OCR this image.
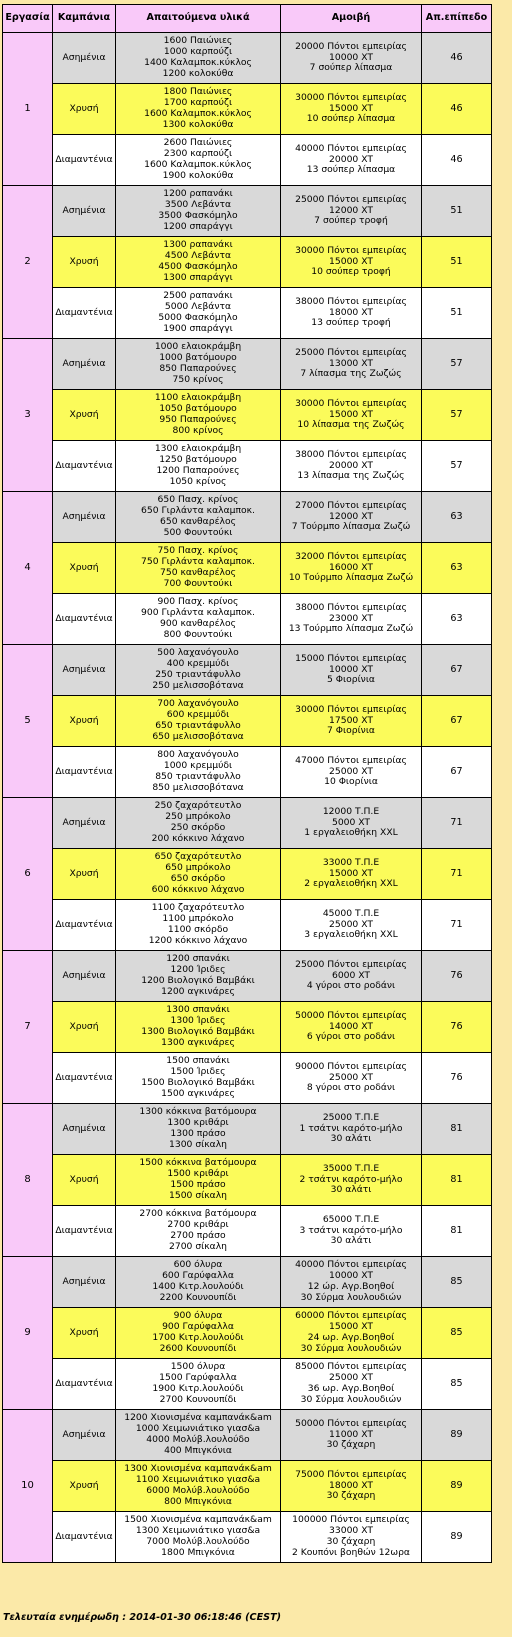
Εργασία	Καμπάνια	Απαιτούμενα υλικά	Αμοιβή	Απ.επίπεδο
1	Ασημένια	1600 Παιώνιες
1000 καρπούζι
1400 Καλαμποκ.κύκλος
1200 κολοκύθα	20000 Πόντοι εμπειρίας
10000 XT
7 σούπερ λίπασμα	46
	Χρυσή	1800 Παιώνιες
1700 καρπούζι
1600 Καλαμποκ.κύκλος
1300 κολοκύθα	30000 Πόντοι εμπειρίας
15000 XT
10 σούπερ λίπασμα	46
	Διαμαντένια	2600 Παιώνιες
2300 καρπούζι
1600 Καλαμποκ.κύκλος
1900 κολοκύθα	40000 Πόντοι εμπειρίας
20000 XT
13 σούπερ λίπασμα	46
2	Ασημένια	1200 ραπανάκι
3500 Λεβάντα
3500 Φασκόμηλο
1200 σπαράγγι	25000 Πόντοι εμπειρίας
12000 XT
7 σούπερ τροφή	51
	Χρυσή	1300 ραπανάκι
4500 Λεβάντα
4500 Φασκόμηλο
1300 σπαράγγι	30000 Πόντοι εμπειρίας
15000 XT
10 σούπερ τροφή	51
	Διαμαντένια	2500 ραπανάκι
5000 Λεβάντα
5000 Φασκόμηλο
1900 σπαράγγι	38000 Πόντοι εμπειρίας
18000 XT
13 σούπερ τροφή	51
3	Ασημένια	1000 ελαιοκράμβη
1000 βατόμουρο
850 Παπαρούνες
750 κρίνος	25000 Πόντοι εμπειρίας
13000 XT
7 λίπασμα της Ζωζώς	57
	Χρυσή	1100 ελαιοκράμβη
1050 βατόμουρο
950 Παπαρούνες
800 κρίνος	30000 Πόντοι εμπειρίας
15000 XT
10 λίπασμα της Ζωζώς	57
	Διαμαντένια	1300 ελαιοκράμβη
1250 βατόμουρο
1200 Παπαρούνες
1050 κρίνος	38000 Πόντοι εμπειρίας
20000 XT
13 λίπασμα της Ζωζώς	57
4	Ασημένια	650 Πασχ. κρίνος
650 Γιρλάντα καλαμποκ.
650 κανθαρέλος
500 Φουντούκι	27000 Πόντοι εμπειρίας
12000 XT
7 Τούρμπο λίπασμα Ζωζώ	63
	Χρυσή	750 Πασχ. κρίνος
750 Γιρλάντα καλαμποκ.
750 κανθαρέλος
700 Φουντούκι	32000 Πόντοι εμπειρίας
16000 XT
10 Τούρμπο λίπασμα Ζωζώ	63
	Διαμαντένια	900 Πασχ. κρίνος
900 Γιρλάντα καλαμποκ.
900 κανθαρέλος
800 Φουντούκι	38000 Πόντοι εμπειρίας
23000 XT
13 Τούρμπο λίπασμα Ζωζώ	63
5	Ασημένια	500 λαχανόγουλο
400 κρεμμύδι
250 τριαντάφυλλο
250 μελισσοβότανα	15000 Πόντοι εμπειρίας
10000 XT
5 Φιορίνια	67
	Χρυσή	700 λαχανόγουλο
600 κρεμμύδι
650 τριαντάφυλλο
650 μελισσοβότανα	30000 Πόντοι εμπειρίας
17500 XT
7 Φιορίνια	67
	Διαμαντένια	800 λαχανόγουλο
1000 κρεμμύδι
850 τριαντάφυλλο
850 μελισσοβότανα	47000 Πόντοι εμπειρίας
25000 XT
10 Φιορίνια	67
6	Ασημένια	250 ζαχαρότευτλο
250 μπρόκολο
250 σκόρδο
200 κόκκινο λάχανο	12000 Τ.Π.Ε
5000 XT
1 εργαλειοθήκη XXL	71
	Χρυσή	650 ζαχαρότευτλο
650 μπρόκολο
650 σκόρδο
600 κόκκινο λάχανο	33000 Τ.Π.Ε
15000 XT
2 εργαλειοθήκη XXL	71
	Διαμαντένια	1100 ζαχαρότευτλο
1100 μπρόκολο
1100 σκόρδο
1200 κόκκινο λάχανο	45000 Τ.Π.Ε
25000 XT
3 εργαλειοθήκη XXL	71
7	Ασημένια	1200 σπανάκι
1200 Ίριδες
1200 Βιολογικό Βαμβάκι
1200 αγκινάρες	25000 Πόντοι εμπειρίας
6000 XT
4 γύροι στο ροδάνι	76
	Χρυσή	1300 σπανάκι
1300 Ίριδες
1300 Βιολογικό Βαμβάκι
1300 αγκινάρες	50000 Πόντοι εμπειρίας
14000 XT
6 γύροι στο ροδάνι	76
	Διαμαντένια	1500 σπανάκι
1500 Ίριδες
1500 Βιολογικό Βαμβάκι
1500 αγκινάρες	90000 Πόντοι εμπειρίας
25000 XT
8 γύροι στο ροδάνι	76
8	Ασημένια	1300 κόκκινα βατόμουρα
1300 κριθάρι
1300 πράσο
1300 σίκαλη	25000 Τ.Π.Ε
1 τσάτνι καρότο-μήλο
30 αλάτι	81
	Χρυσή	1500 κόκκινα βατόμουρα
1500 κριθάρι
1500 πράσο
1500 σίκαλη	35000 Τ.Π.Ε
2 τσάτνι καρότο-μήλο
30 αλάτι	81
	Διαμαντένια	2700 κόκκινα βατόμουρα
2700 κριθάρι
2700 πράσο
2700 σίκαλη	65000 Τ.Π.Ε
3 τσάτνι καρότο-μήλο
30 αλάτι	81
9	Ασημένια	600 όλυρα
600 Γαρύφαλλα
1400 Κιτρ.λουλούδι
2200 Κουνουπίδι	40000 Πόντοι εμπειρίας
10000 XT
12 ώρ. Αγρ.Βοηθοί
30 Σύρμα λουλουδιών	85
	Χρυσή	900 όλυρα
900 Γαρύφαλλα
1700 Κιτρ.λουλούδι
2600 Κουνουπίδι	60000 Πόντοι εμπειρίας
15000 XT
24 ωρ. Αγρ.Βοηθοί
30 Σύρμα λουλουδιών	85
	Διαμαντένια	1500 όλυρα
1500 Γαρύφαλλα
1900 Κιτρ.λουλούδι
2700 Κουνουπίδι	85000 Πόντοι εμπειρίας
25000 XT
36 ωρ. Αγρ.Βοηθοί
30 Σύρμα λουλουδιών	85
10	Ασημένια	1200 Χιονισμένα καμπανάκ&am
1000 Χειμωνιάτικο γιασ&a
4000 Μολύβ.λουλούδο
400 Μπιγκόνια	50000 Πόντοι εμπειρίας
11000 XT
30 ζάχαρη	89
	Χρυσή	1300 Χιονισμένα καμπανάκ&am
1100 Χειμωνιάτικο γιασ&a
6000 Μολύβ.λουλούδο
800 Μπιγκόνια	75000 Πόντοι εμπειρίας
18000 XT
30 ζάχαρη	89
	Διαμαντένια	1500 Χιονισμένα καμπανάκ&am
1300 Χειμωνιάτικο γιασ&a
7000 Μολύβ.λουλούδο
1800 Μπιγκόνια	100000 Πόντοι εμπειρίας
33000 XT
30 ζάχαρη
2 Κουπόνι βοηθών 12ωρα	89
Τελευταία ενημέρωδη : 2014-01-30 06:18:46 (CEST)
